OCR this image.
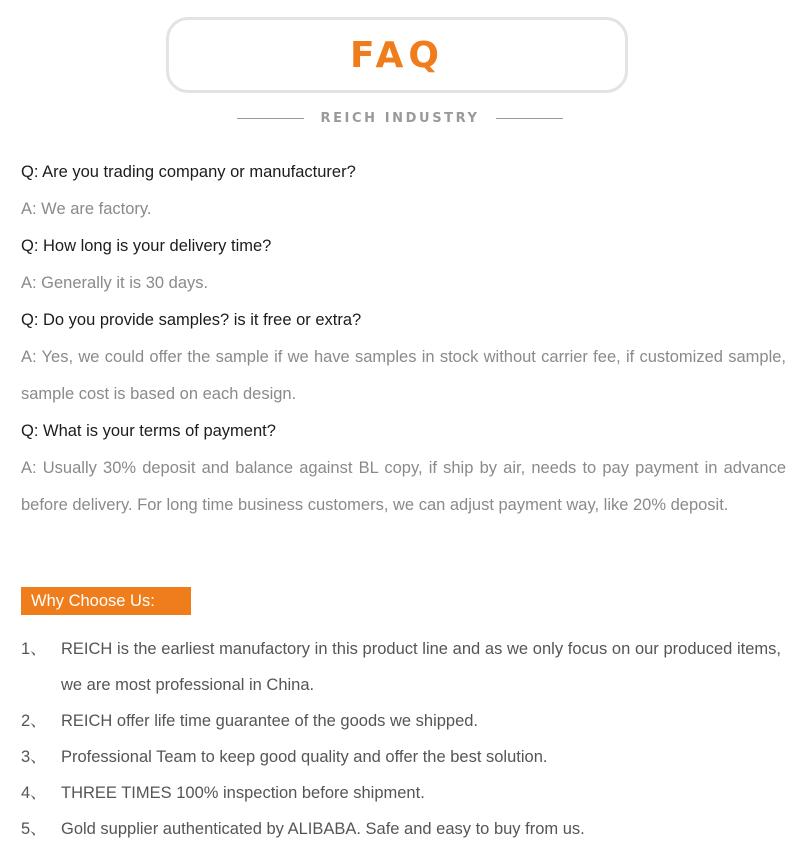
FAQ
REICH INDUSTRY

Q: Are you trading company or manufacturer?

A: We are factory.

Q: How long is your delivery time?

A: Generally it is 30 days.

Q: Do you provide samples? is it free or extra?

A: Yes, we could offer the sample if we have samples in stock without carrier fee, if customized sample, sample cost is based on each design.

Q: What is your terms of payment?

A: Usually 30% deposit and balance against BL copy, if ship by air, needs to pay payment in advance before delivery. For long time business customers, we can adjust payment way, like 20% deposit.

Why Choose Us:
1、 REICH is the earliest manufactory in this product line and as we only focus on our produced items, we are most professional in China.
2、 REICH offer life time guarantee of the goods we shipped.
3、 Professional Team to keep good quality and offer the best solution.
4、 THREE TIMES 100% inspection before shipment.
5、 Gold supplier authenticated by ALIBABA. Safe and easy to buy from us.
